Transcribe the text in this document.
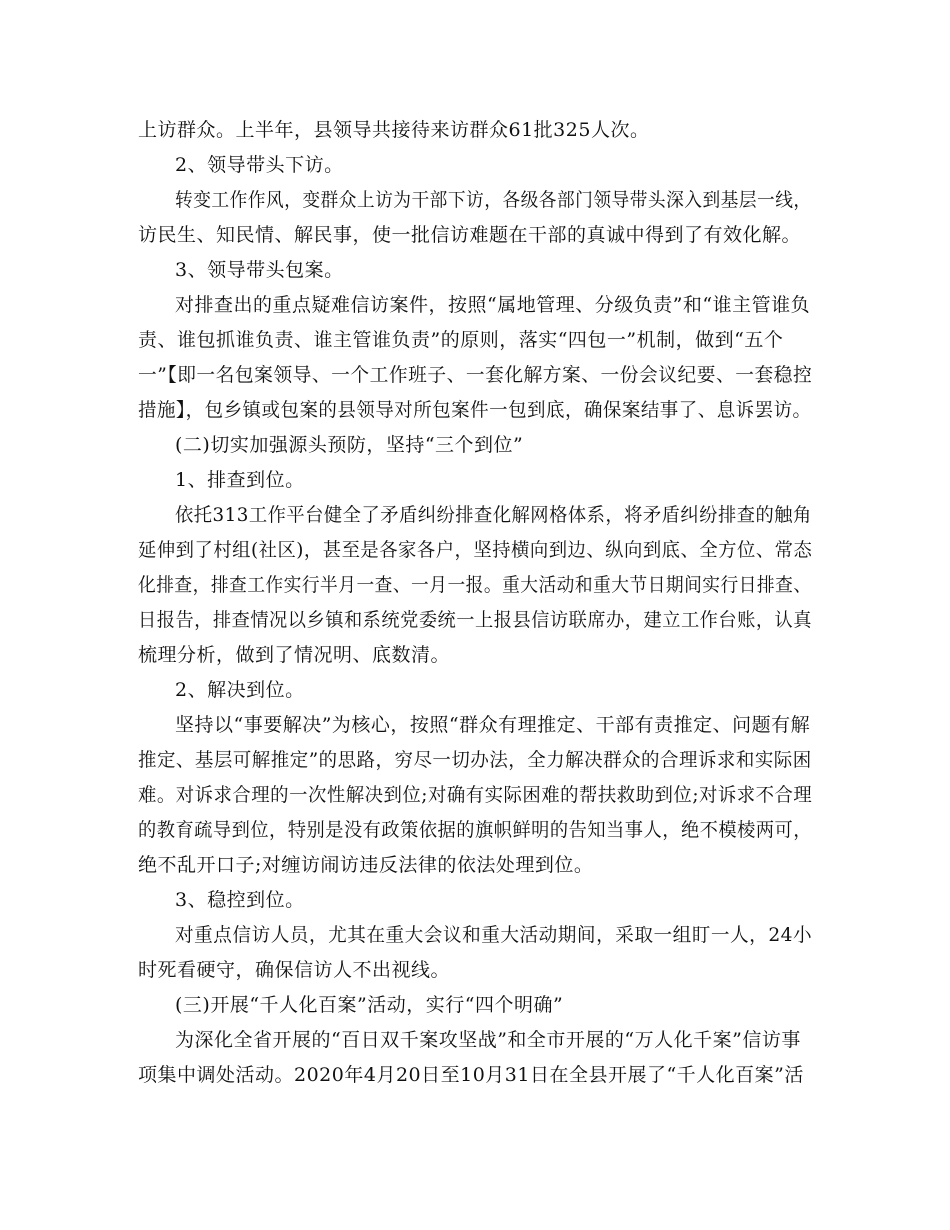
上访群众。上半年，县领导共接待来访群众61批325人次。
2、领导带头下访。
转变工作作风，变群众上访为干部下访，各级各部门领导带头深入到基层一线，
访民生、知民情、解民事，使一批信访难题在干部的真诚中得到了有效化解。
3、领导带头包案。
对排查出的重点疑难信访案件，按照“属地管理、分级负责”和“谁主管谁负
责、谁包抓谁负责、谁主管谁负责”的原则，落实“四包一”机制，做到“五个
一”【即一名包案领导、一个工作班子、一套化解方案、一份会议纪要、一套稳控
措施】，包乡镇或包案的县领导对所包案件一包到底，确保案结事了、息诉罢访。
(二)切实加强源头预防，坚持“三个到位”
1、排查到位。
依托313工作平台健全了矛盾纠纷排查化解网格体系，将矛盾纠纷排查的触角
延伸到了村组(社区)，甚至是各家各户，坚持横向到边、纵向到底、全方位、常态
化排查，排查工作实行半月一查、一月一报。重大活动和重大节日期间实行日排查、
日报告，排查情况以乡镇和系统党委统一上报县信访联席办，建立工作台账，认真
梳理分析，做到了情况明、底数清。
2、解决到位。
坚持以“事要解决”为核心，按照“群众有理推定、干部有责推定、问题有解
推定、基层可解推定”的思路，穷尽一切办法，全力解决群众的合理诉求和实际困
难。对诉求合理的一次性解决到位;对确有实际困难的帮扶救助到位;对诉求不合理
的教育疏导到位，特别是没有政策依据的旗帜鲜明的告知当事人，绝不模棱两可，
绝不乱开口子;对缠访闹访违反法律的依法处理到位。
3、稳控到位。
对重点信访人员，尤其在重大会议和重大活动期间，采取一组盯一人，24小
时死看硬守，确保信访人不出视线。
(三)开展“千人化百案”活动，实行“四个明确”
为深化全省开展的“百日双千案攻坚战”和全市开展的“万人化千案”信访事
项集中调处活动。2020年4月20日至10月31日在全县开展了“千人化百案”活
